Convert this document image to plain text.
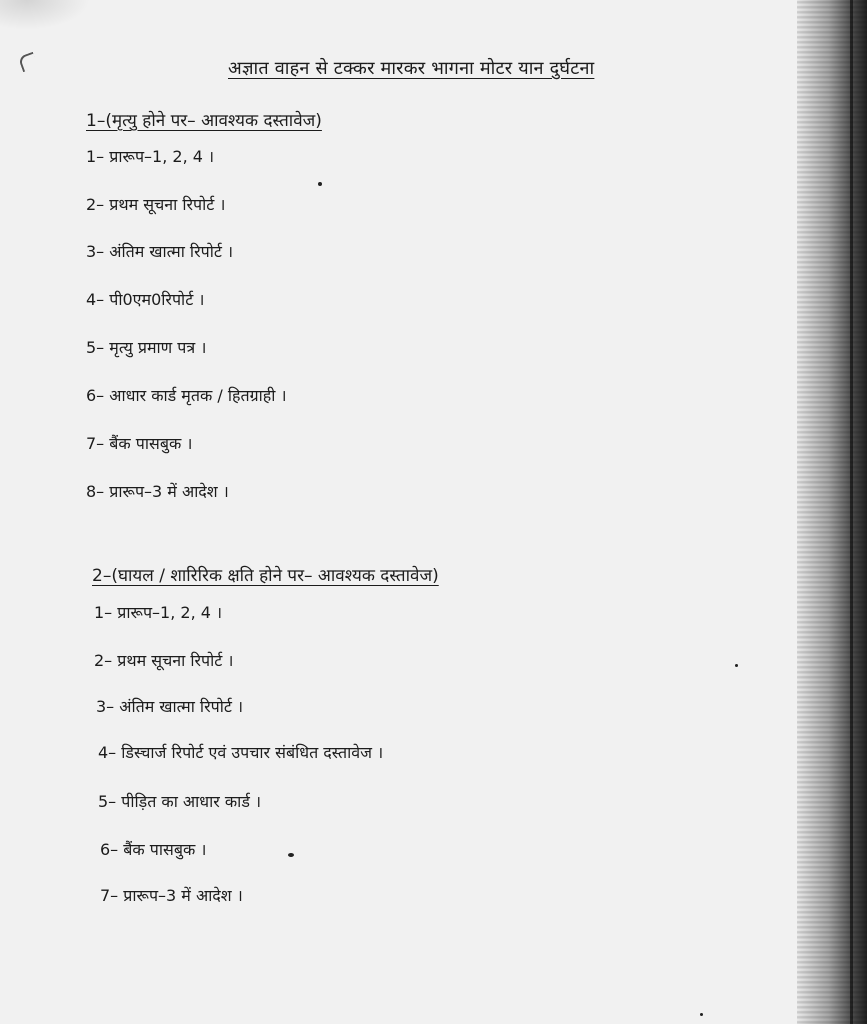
अज्ञात वाहन से टक्कर मारकर भागना मोटर यान दुर्घटना
1–(मृत्यु होने पर– आवश्यक दस्तावेज)
1– प्रारूप–1, 2, 4 ।
2– प्रथम सूचना रिपोर्ट ।
3– अंतिम खात्मा रिपोर्ट ।
4– पी0एम0रिपोर्ट ।
5– मृत्यु प्रमाण पत्र ।
6– आधार कार्ड मृतक / हितग्राही ।
7– बैंक पासबुक ।
8– प्रारूप–3 में आदेश ।
2–(घायल / शारिरिक क्षति होने पर– आवश्यक दस्तावेज)
1– प्रारूप–1, 2, 4 ।
2– प्रथम सूचना रिपोर्ट ।
3– अंतिम खात्मा रिपोर्ट ।
4– डिस्चार्ज रिपोर्ट एवं उपचार संबंधित दस्तावेज ।
5– पीड़ित का आधार कार्ड ।
6– बैंक पासबुक ।
7– प्रारूप–3 में आदेश ।
